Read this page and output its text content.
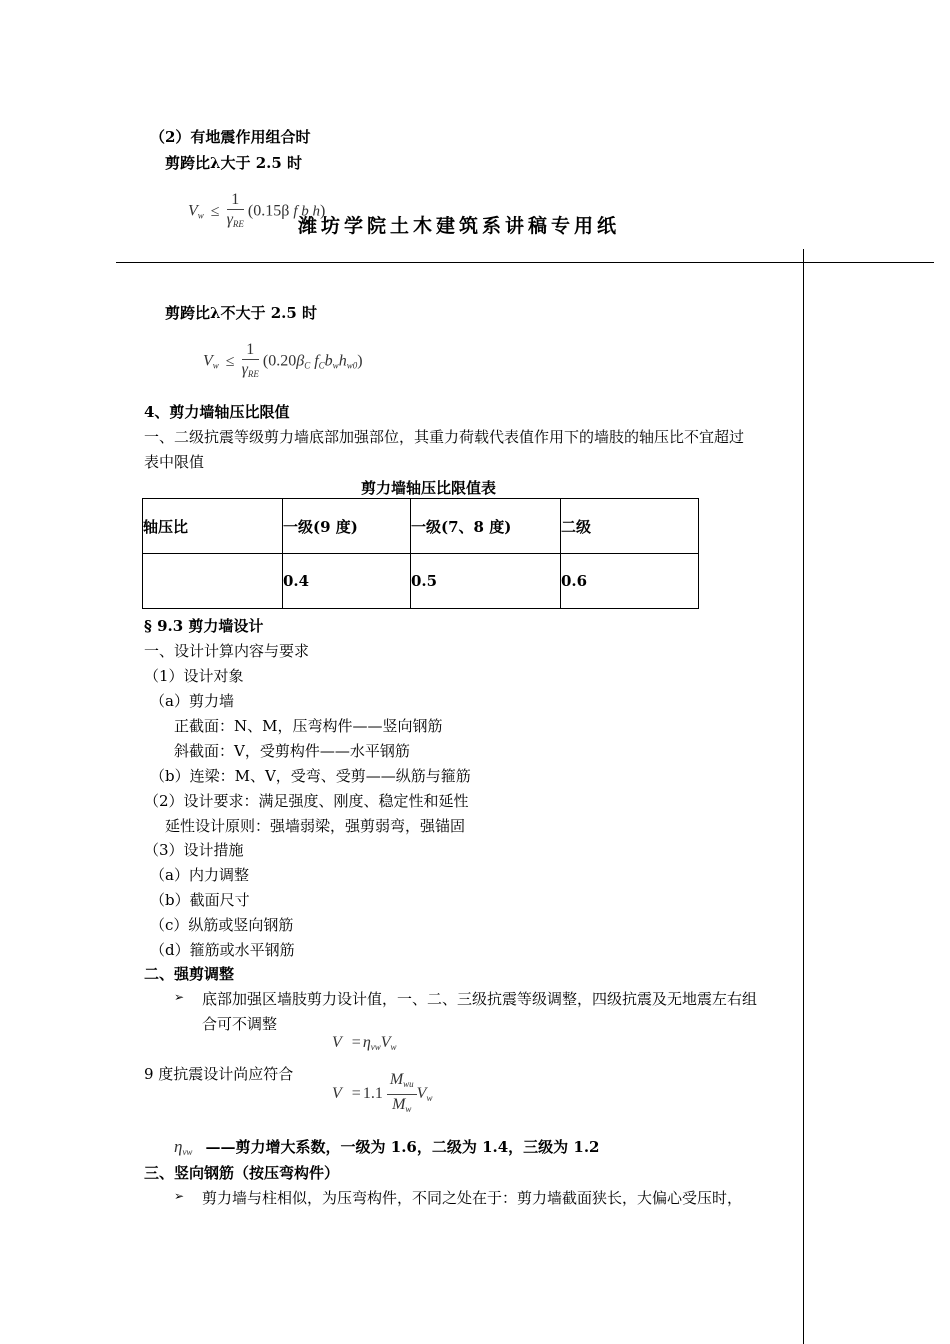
（2）有地震作用组合时
剪跨比λ大于 2.5 时
$V_w \le \frac{1}{\gamma_{RE}} (0.15\beta$ f b h)
潍坊学院土木建筑系讲稿专用纸
剪跨比λ不大于 2.5 时
$V_w \le \frac{1}{\gamma_{RE}} (0.20\beta_C$ $f_Cb_wh_{w0}$)
4、剪力墙轴压比限值
一、二级抗震等级剪力墙底部加强部位，其重力荷载代表值作用下的墙肢的轴压比不宜超过
表中限值
剪力墙轴压比限值表
轴压比	一级(9 度)	一级(7、8 度)	二级
	0.4	0.5	0.6
§ 9.3 剪力墙设计
一、设计计算内容与要求
（1）设计对象
（a）剪力墙
正截面：N、M，压弯构件——竖向钢筋
斜截面：V，受剪构件——水平钢筋
（b）连梁：M、V，受弯、受剪——纵筋与箍筋
（2）设计要求：满足强度、刚度、稳定性和延性
延性设计原则：强墙弱梁，强剪弱弯，强锚固
（3）设计措施
（a）内力调整
（b）截面尺寸
（c）纵筋或竖向钢筋
（d）箍筋或水平钢筋
二、强剪调整
➢ 底部加强区墙肢剪力设计值，一、二、三级抗震等级调整，四级抗震及无地震左右组
合可不调整
$V = \eta_{vw}V_w$
9 度抗震设计尚应符合
$V = 1.1 \frac{M_{wu}}{M_w} V_w$
$\eta_{vw}$ ——剪力增大系数，一级为 1.6，二级为 1.4，三级为 1.2
三、竖向钢筋（按压弯构件）
➢ 剪力墙与柱相似，为压弯构件，不同之处在于：剪力墙截面狭长，大偏心受压时，
